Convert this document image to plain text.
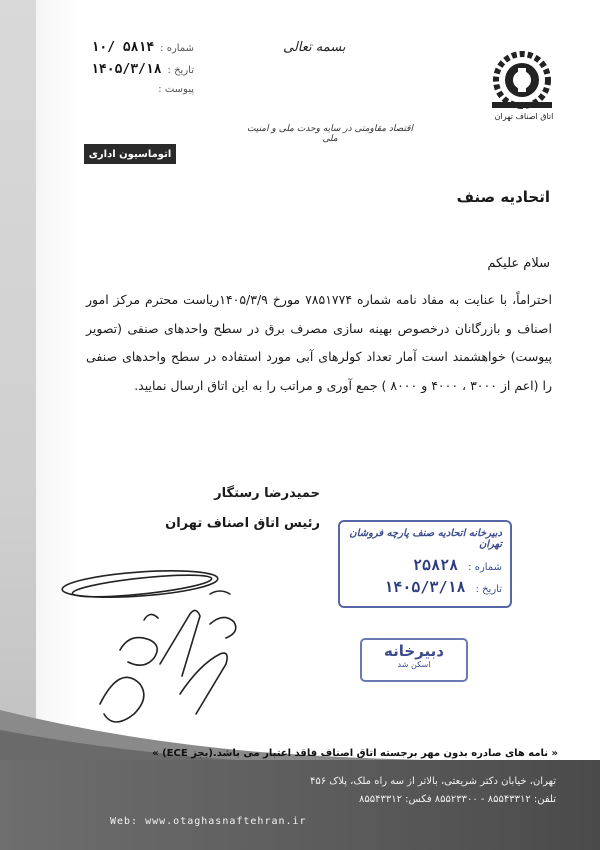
شماره :
۱۰/ ۵۸۱۴
تاریخ :
۱۴۰۵/۳/۱۸
پیوست :
بسمه تعالی
اتاق اصناف تهران
اقتصاد مقاومتی در سایه وحدت ملی و امنیت ملی
اتوماسیون اداری
اتحادیه صنف
سلام علیکم
احتراماً، با عنایت به مفاد نامه شماره ۷۸۵۱۷۷۴ مورخ ۱۴۰۵/۳/۹ریاست محترم مرکز امور اصناف و بازرگانان درخصوص بهینه سازی مصرف برق در سطح واحدهای صنفی (تصویر پیوست) خواهشمند است آمار تعداد کولرهای آبی مورد استفاده در سطح واحدهای صنفی را (اعم از ۳۰۰۰ ، ۴۰۰۰ و ۸۰۰۰ ) جمع آوری و مراتب را به این اتاق ارسال نمایید.
حمیدرضا رستگار
رئیس اتاق اصناف تهران
دبیرخانه اتحادیه صنف پارچه فروشان تهران
شماره :
۲۵۸۲۸
تاریخ :
۱۴۰۵/۳/۱۸
دبیرخانه
اسکن شد
« نامه های صادره بدون مهر برجسته اتاق اصناف فاقد اعتبار می باشد.(بجز ECE) »
تهران، خیابان دکتر شریعتی، بالاتر از سه راه ملک، پلاک ۴۵۶
تلفن: ۸۵۵۴۳۳۱۲ - ۸۵۵۲۳۳۰۰ فکس: ۸۵۵۴۳۳۱۲
Web: www.otaghasnaftehran.ir
